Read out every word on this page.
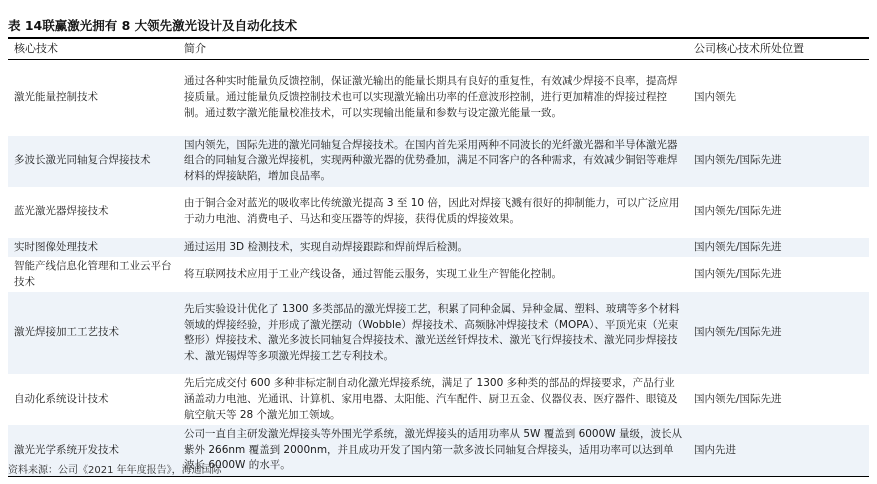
表 14联赢激光拥有 8 大领先激光设计及自动化技术
核心技术	简介	公司核心技术所处位置
激光能量控制技术	通过各种实时能量负反馈控制，保证激光输出的能量长期具有良好的重复性，有效减少焊接不良率，提高焊接质量。通过能量负反馈控制技术也可以实现激光输出功率的任意波形控制，进行更加精准的焊接过程控制。通过数字激光能量校准技术，可以实现输出能量和参数与设定激光能量一致。	国内领先
多波长激光同轴复合焊接技术	国内领先，国际先进的激光同轴复合焊接技术。在国内首先采用两种不同波长的光纤激光器和半导体激光器组合的同轴复合激光焊接机，实现两种激光器的优势叠加，满足不同客户的各种需求，有效减少铜铝等难焊材料的焊接缺陷，增加良品率。	国内领先/国际先进
蓝光激光器焊接技术	由于铜合金对蓝光的吸收率比传统激光提高 3 至 10 倍，因此对焊接飞溅有很好的抑制能力，可以广泛应用于动力电池、消费电子、马达和变压器等的焊接，获得优质的焊接效果。	国内领先/国际先进
实时图像处理技术	通过运用 3D 检测技术，实现自动焊接跟踪和焊前焊后检测。	国内领先/国际先进
智能产线信息化管理和工业云平台技术	将互联网技术应用于工业产线设备，通过智能云服务，实现工业生产智能化控制。	国内领先/国际先进
激光焊接加工工艺技术	先后实验设计优化了 1300 多类部品的激光焊接工艺，积累了同种金属、异种金属、塑料、玻璃等多个材料领域的焊接经验，并形成了激光摆动（Wobble）焊接技术、高频脉冲焊接技术（MOPA）、平顶光束（光束整形）焊接技术、激光多波长同轴复合焊接技术、激光送丝钎焊技术、激光飞行焊接技术、激光同步焊接技术、激光锡焊等多项激光焊接工艺专利技术。	国内领先/国际先进
自动化系统设计技术	先后完成交付 600 多种非标定制自动化激光焊接系统，满足了 1300 多种类的部品的焊接要求，产品行业涵盖动力电池、光通讯、计算机、家用电器、太阳能、汽车配件、厨卫五金、仪器仪表、医疗器件、眼镜及航空航天等 28 个激光加工领域。	国内领先/国际先进
激光光学系统开发技术	公司一直自主研发激光焊接头等外围光学系统，激光焊接头的适用功率从 5W 覆盖到 6000W 量级，波长从紫外 266nm 覆盖到 2000nm，并且成功开发了国内第一款多波长同轴复合焊接头，适用功率可以达到单波长 6000W 的水平。	国内先进
资料来源：公司《2021 年年度报告》，海通国际
